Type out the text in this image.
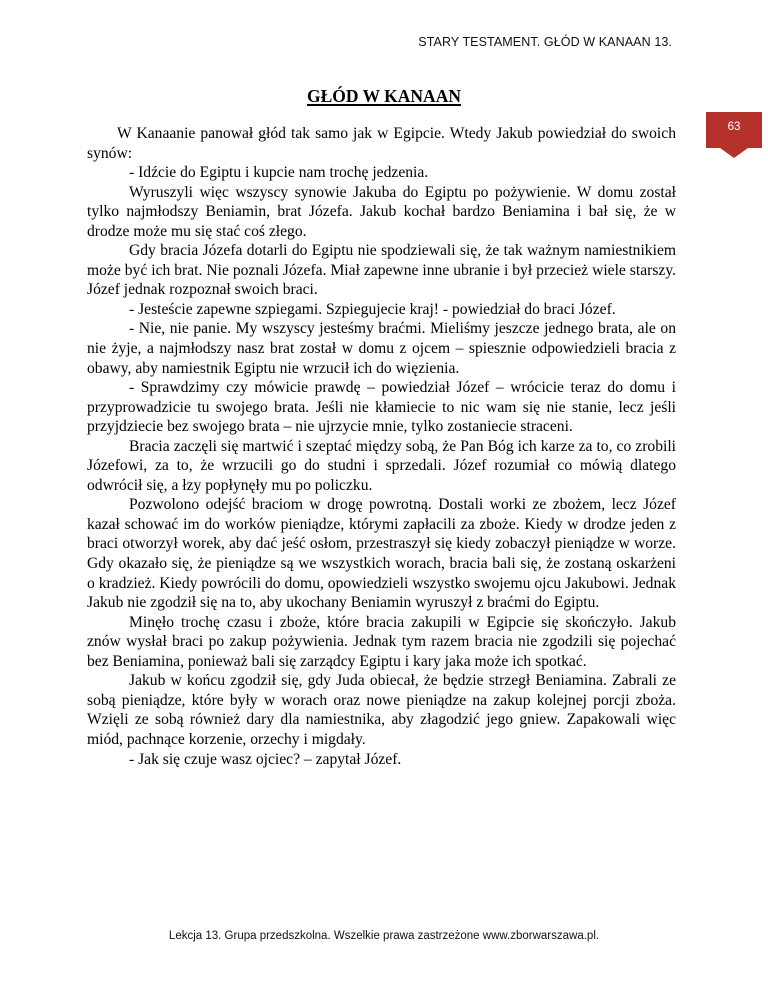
STARY TESTAMENT. GŁÓD W KANAAN 13.
63
GŁÓD W KANAAN

W Kanaanie panował głód tak samo jak w Egipcie. Wtedy Jakub powiedział do swoich synów:

- Idźcie do Egiptu i kupcie nam trochę jedzenia.

Wyruszyli więc wszyscy synowie Jakuba do Egiptu po pożywienie. W domu został tylko najmłodszy Beniamin, brat Józefa. Jakub kochał bardzo Beniamina i bał się, że w drodze może mu się stać coś złego.

Gdy bracia Józefa dotarli do Egiptu nie spodziewali się, że tak ważnym namiestnikiem może być ich brat. Nie poznali Józefa. Miał zapewne inne ubranie i był przecież wiele starszy. Józef jednak rozpoznał swoich braci.

- Jesteście zapewne szpiegami. Szpiegujecie kraj! - powiedział do braci Józef.

- Nie, nie panie. My wszyscy jesteśmy braćmi. Mieliśmy jeszcze jednego brata, ale on nie żyje, a najmłodszy nasz brat został w domu z ojcem – spiesznie odpowiedzieli bracia z obawy, aby namiestnik Egiptu nie wrzucił ich do więzienia.

- Sprawdzimy czy mówicie prawdę – powiedział Józef – wrócicie teraz do domu i przyprowadzicie tu swojego brata. Jeśli nie kłamiecie to nic wam się nie stanie, lecz jeśli przyjdziecie bez swojego brata – nie ujrzycie mnie, tylko zostaniecie straceni.

Bracia zaczęli się martwić i szeptać między sobą, że Pan Bóg ich karze za to, co zrobili Józefowi, za to, że wrzucili go do studni i sprzedali. Józef rozumiał co mówią dlatego odwrócił się, a łzy popłynęły mu po policzku.

Pozwolono odejść braciom w drogę powrotną. Dostali worki ze zbożem, lecz Józef kazał schować im do worków pieniądze, którymi zapłacili za zboże. Kiedy w drodze jeden z braci otworzył worek, aby dać jeść osłom, przestraszył się kiedy zobaczył pieniądze w worze. Gdy okazało się, że pieniądze są we wszystkich worach, bracia bali się, że zostaną oskarżeni o kradzież. Kiedy powrócili do domu, opowiedzieli wszystko swojemu ojcu Jakubowi. Jednak Jakub nie zgodził się na to, aby ukochany Beniamin wyruszył z braćmi do Egiptu.

Minęło trochę czasu i zboże, które bracia zakupili w Egipcie się skończyło. Jakub znów wysłał braci po zakup pożywienia. Jednak tym razem bracia nie zgodzili się pojechać bez Beniamina, ponieważ bali się zarządcy Egiptu i kary jaka może ich spotkać.

Jakub w końcu zgodził się, gdy Juda obiecał, że będzie strzegł Beniamina. Zabrali ze sobą pieniądze, które były w worach oraz nowe pieniądze na zakup kolejnej porcji zboża. Wzięli ze sobą również dary dla namiestnika, aby złagodzić jego gniew. Zapakowali więc miód, pachnące korzenie, orzechy i migdały.

- Jak się czuje wasz ojciec? – zapytał Józef.

Lekcja 13. Grupa przedszkolna. Wszelkie prawa zastrzeżone www.zborwarszawa.pl.
